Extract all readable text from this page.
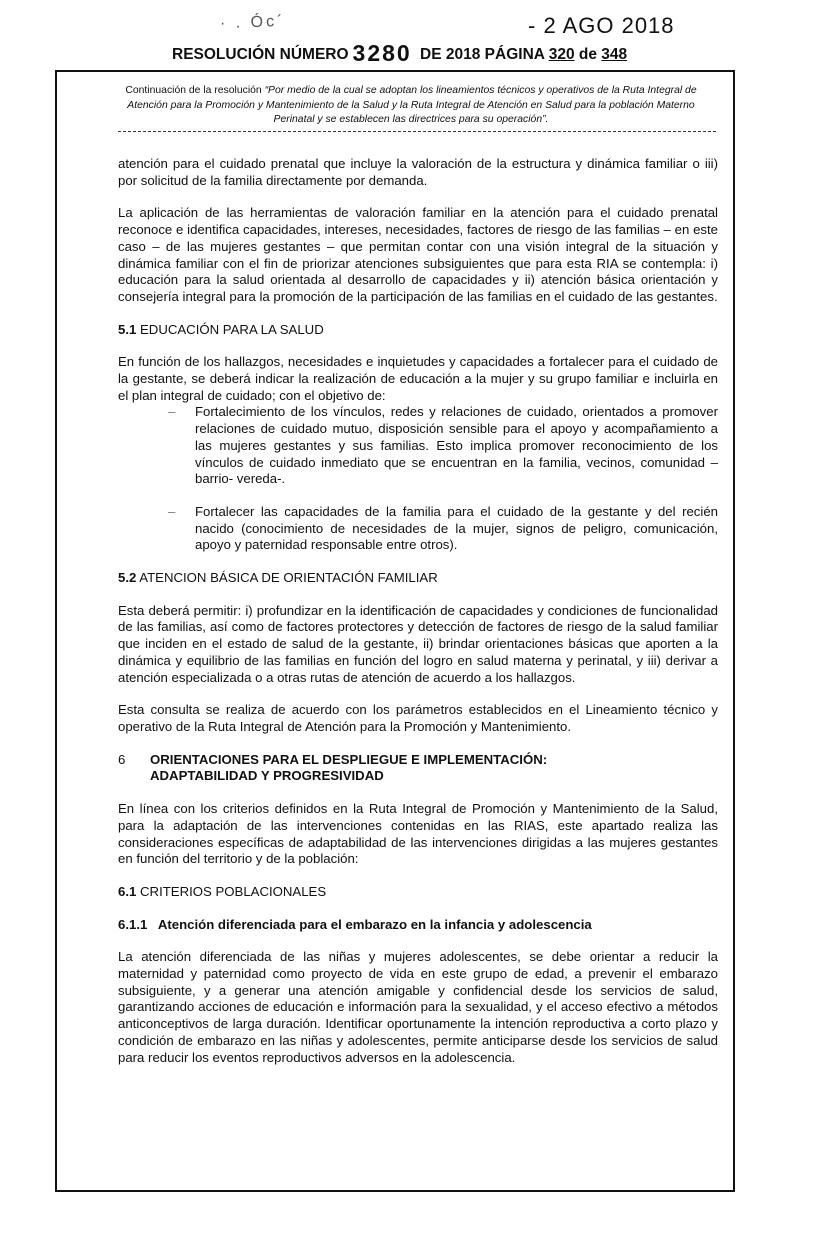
· . Óc´	- 2 AGO 2018
RESOLUCIÓN NÚMERO 3280 DE 2018 PÁGINA 320 de 348
Continuación de la resolución “Por medio de la cual se adoptan los lineamientos técnicos y operativos de la Ruta Integral de Atención para la Promoción y Mantenimiento de la Salud y la Ruta Integral de Atención en Salud para la población Materno Perinatal y se establecen las directrices para su operación”.

atención para el cuidado prenatal que incluye la valoración de la estructura y dinámica familiar o iii) por solicitud de la familia directamente por demanda.

La aplicación de las herramientas de valoración familiar en la atención para el cuidado prenatal reconoce e identifica capacidades, intereses, necesidades, factores de riesgo de las familias – en este caso – de las mujeres gestantes – que permitan contar con una visión integral de la situación y dinámica familiar con el fin de priorizar atenciones subsiguientes que para esta RIA se contempla: i) educación para la salud orientada al desarrollo de capacidades y ii) atención básica orientación y consejería integral para la promoción de la participación de las familias en el cuidado de las gestantes.

5.1 EDUCACIÓN PARA LA SALUD

En función de los hallazgos, necesidades e inquietudes y capacidades a fortalecer para el cuidado de la gestante, se deberá indicar la realización de educación a la mujer y su grupo familiar e incluirla en el plan integral de cuidado; con el objetivo de:

– Fortalecimiento de los vínculos, redes y relaciones de cuidado, orientados a promover relaciones de cuidado mutuo, disposición sensible para el apoyo y acompañamiento a las mujeres gestantes y sus familias. Esto implica promover reconocimiento de los vínculos de cuidado inmediato que se encuentran en la familia, vecinos, comunidad – barrio- vereda-.
– Fortalecer las capacidades de la familia para el cuidado de la gestante y del recién nacido (conocimiento de necesidades de la mujer, signos de peligro, comunicación, apoyo y paternidad responsable entre otros).

5.2 ATENCION BÁSICA DE ORIENTACIÓN FAMILIAR

Esta deberá permitir: i) profundizar en la identificación de capacidades y condiciones de funcionalidad de las familias, así como de factores protectores y detección de factores de riesgo de la salud familiar que inciden en el estado de salud de la gestante, ii) brindar orientaciones básicas que aporten a la dinámica y equilibrio de las familias en función del logro en salud materna y perinatal, y iii) derivar a atención especializada o a otras rutas de atención de acuerdo a los hallazgos.

Esta consulta se realiza de acuerdo con los parámetros establecidos en el Lineamiento técnico y operativo de la Ruta Integral de Atención para la Promoción y Mantenimiento.

6	ORIENTACIONES PARA EL DESPLIEGUE E IMPLEMENTACIÓN:
ADAPTABILIDAD Y PROGRESIVIDAD

En línea con los criterios definidos en la Ruta Integral de Promoción y Mantenimiento de la Salud, para la adaptación de las intervenciones contenidas en las RIAS, este apartado realiza las consideraciones específicas de adaptabilidad de las intervenciones dirigidas a las mujeres gestantes en función del territorio y de la población:

6.1 CRITERIOS POBLACIONALES

6.1.1 Atención diferenciada para el embarazo en la infancia y adolescencia

La atención diferenciada de las niñas y mujeres adolescentes, se debe orientar a reducir la maternidad y paternidad como proyecto de vida en este grupo de edad, a prevenir el embarazo subsiguiente, y a generar una atención amigable y confidencial desde los servicios de salud, garantizando acciones de educación e información para la sexualidad, y el acceso efectivo a métodos anticonceptivos de larga duración. Identificar oportunamente la intención reproductiva a corto plazo y condición de embarazo en las niñas y adolescentes, permite anticiparse desde los servicios de salud para reducir los eventos reproductivos adversos en la adolescencia.
